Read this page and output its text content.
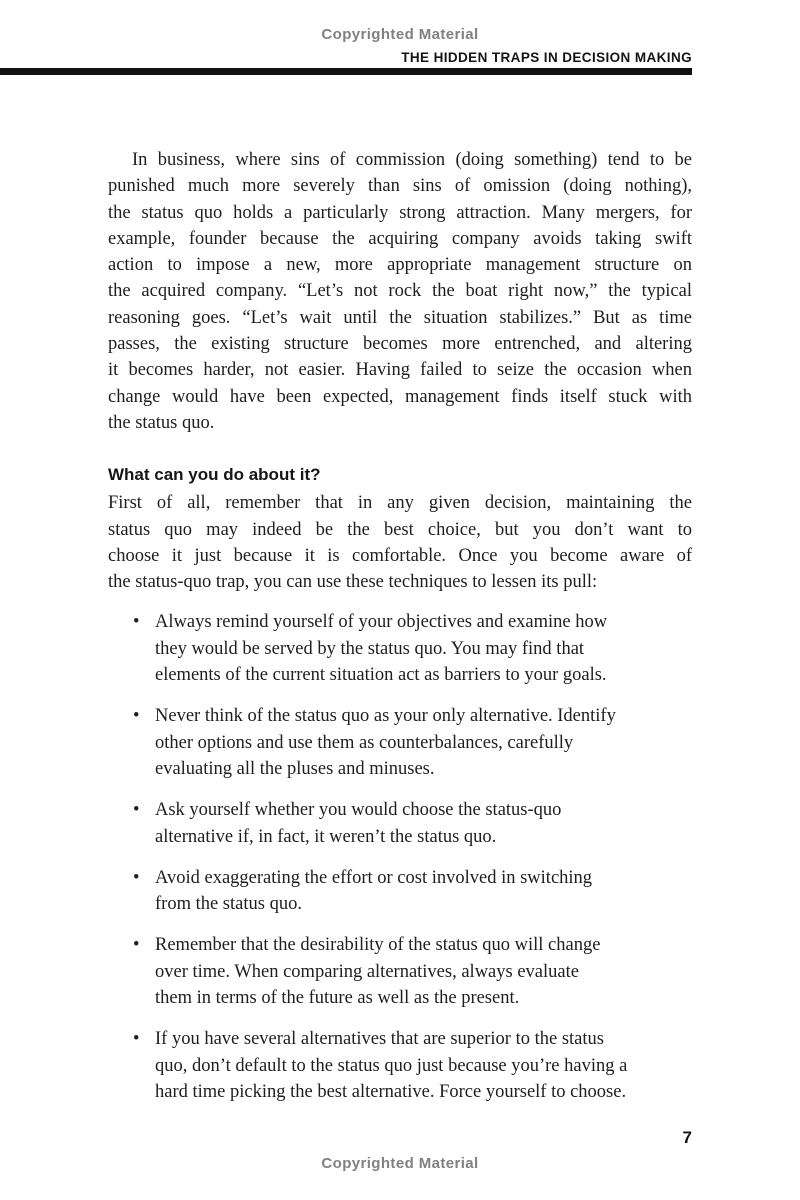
Copyrighted Material
THE HIDDEN TRAPS IN DECISION MAKING
In business, where sins of commission (doing something) tend to be
punished much more severely than sins of omission (doing nothing),
the status quo holds a particularly strong attraction. Many mergers, for
example, founder because the acquiring company avoids taking swift
action to impose a new, more appropriate management structure on
the acquired company. “Let’s not rock the boat right now,” the typical
reasoning goes. “Let’s wait until the situation stabilizes.” But as time
passes, the existing structure becomes more entrenched, and altering
it becomes harder, not easier. Having failed to seize the occasion when
change would have been expected, management finds itself stuck with
the status quo.
What can you do about it?
First of all, remember that in any given decision, maintaining the
status quo may indeed be the best choice, but you don’t want to
choose it just because it is comfortable. Once you become aware of
the status-quo trap, you can use these techniques to lessen its pull:
• Always remind yourself of your objectives and examine how
they would be served by the status quo. You may find that
elements of the current situation act as barriers to your goals.
• Never think of the status quo as your only alternative. Identify
other options and use them as counterbalances, carefully
evaluating all the pluses and minuses.
• Ask yourself whether you would choose the status-quo
alternative if, in fact, it weren’t the status quo.
• Avoid exaggerating the effort or cost involved in switching
from the status quo.
• Remember that the desirability of the status quo will change
over time. When comparing alternatives, always evaluate
them in terms of the future as well as the present.
• If you have several alternatives that are superior to the status
quo, don’t default to the status quo just because you’re having a
hard time picking the best alternative. Force yourself to choose.
7
Copyrighted Material
